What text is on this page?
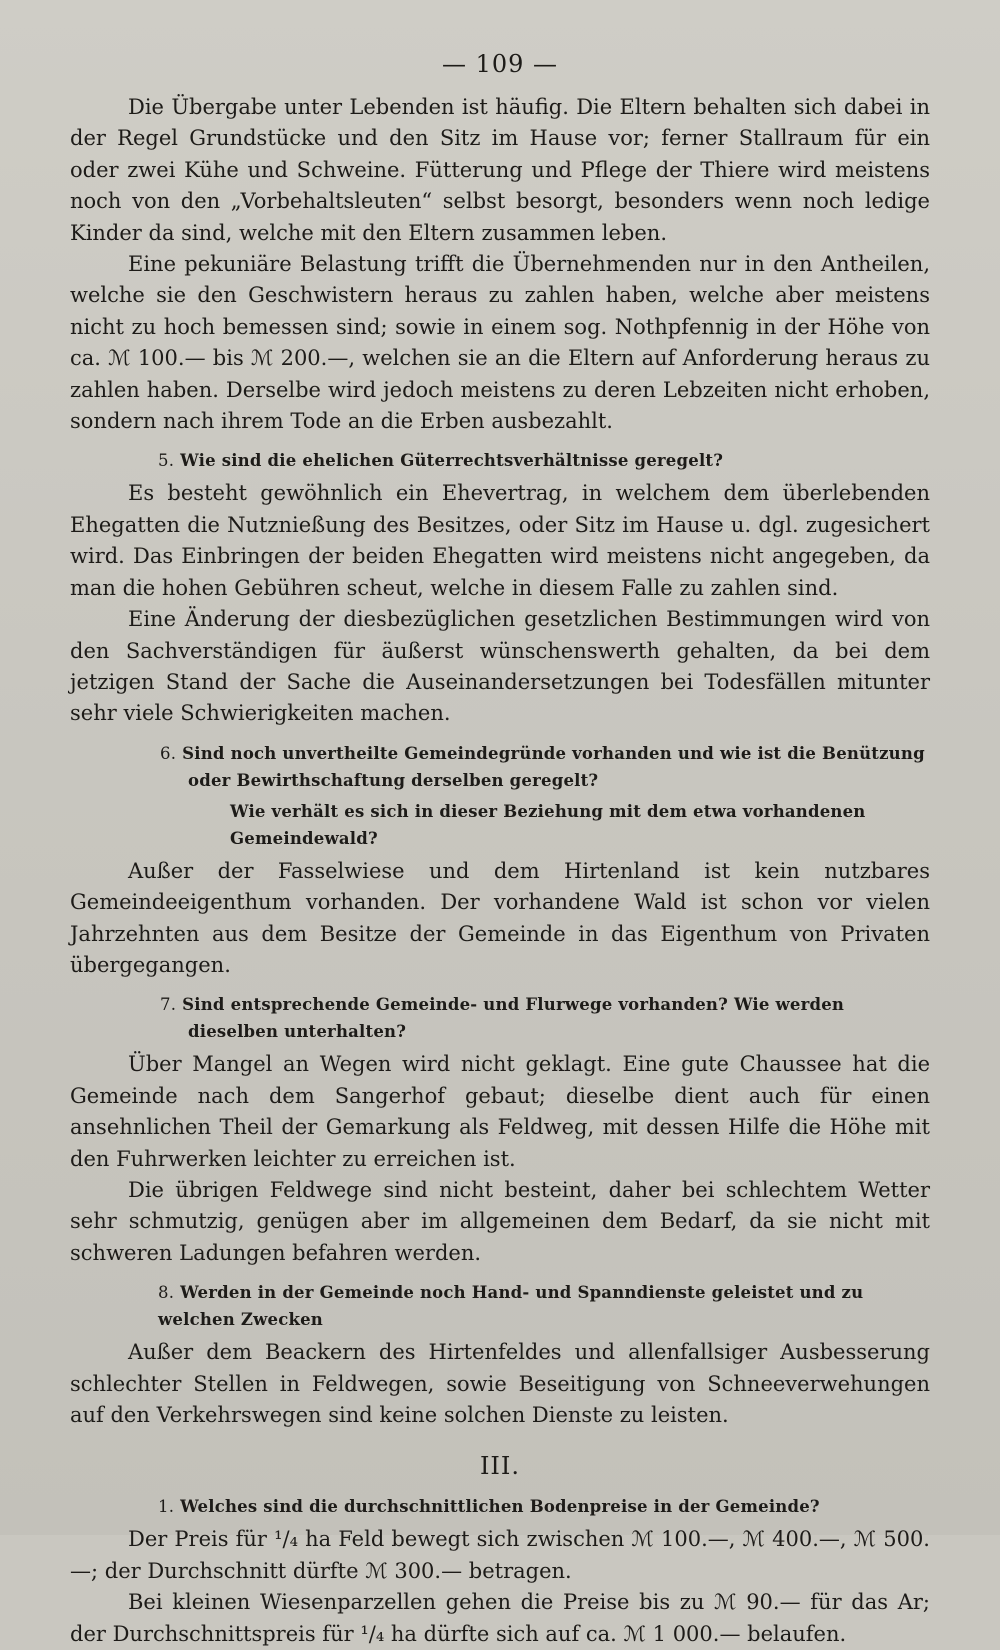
— 109 —

Die Übergabe unter Lebenden ist häufig. Die Eltern behalten sich dabei in der Regel Grundstücke und den Sitz im Hause vor; ferner Stallraum für ein oder zwei Kühe und Schweine. Fütterung und Pflege der Thiere wird meistens noch von den „Vorbehaltsleuten“ selbst besorgt, besonders wenn noch ledige Kinder da sind, welche mit den Eltern zusammen leben.

Eine pekuniäre Belastung trifft die Übernehmenden nur in den Antheilen, welche sie den Geschwistern heraus zu zahlen haben, welche aber meistens nicht zu hoch bemessen sind; sowie in einem sog. Nothpfennig in der Höhe von ca. ℳ 100.— bis ℳ 200.—, welchen sie an die Eltern auf Anforderung heraus zu zahlen haben. Derselbe wird jedoch meistens zu deren Lebzeiten nicht erhoben, sondern nach ihrem Tode an die Erben ausbezahlt.

5. Wie sind die ehelichen Güterrechtsverhältnisse geregelt?

Es besteht gewöhnlich ein Ehevertrag, in welchem dem überlebenden Ehegatten die Nutznießung des Besitzes, oder Sitz im Hause u. dgl. zugesichert wird. Das Einbringen der beiden Ehegatten wird meistens nicht angegeben, da man die hohen Gebühren scheut, welche in diesem Falle zu zahlen sind.

Eine Änderung der diesbezüglichen gesetzlichen Bestimmungen wird von den Sachverständigen für äußerst wünschenswerth gehalten, da bei dem jetzigen Stand der Sache die Auseinandersetzungen bei Todesfällen mitunter sehr viele Schwierigkeiten machen.

6. Sind noch unvertheilte Gemeindegründe vorhanden und wie ist die Benützung oder Bewirthschaftung derselben geregelt?

Wie verhält es sich in dieser Beziehung mit dem etwa vorhandenen Gemeindewald?

Außer der Fasselwiese und dem Hirtenland ist kein nutzbares Gemeindeeigenthum vorhanden. Der vorhandene Wald ist schon vor vielen Jahrzehnten aus dem Besitze der Gemeinde in das Eigenthum von Privaten übergegangen.

7. Sind entsprechende Gemeinde- und Flurwege vorhanden? Wie werden dieselben unterhalten?

Über Mangel an Wegen wird nicht geklagt. Eine gute Chaussee hat die Gemeinde nach dem Sangerhof gebaut; dieselbe dient auch für einen ansehnlichen Theil der Gemarkung als Feldweg, mit dessen Hilfe die Höhe mit den Fuhrwerken leichter zu erreichen ist.

Die übrigen Feldwege sind nicht besteint, daher bei schlechtem Wetter sehr schmutzig, genügen aber im allgemeinen dem Bedarf, da sie nicht mit schweren Ladungen befahren werden.

8. Werden in der Gemeinde noch Hand- und Spanndienste geleistet und zu welchen Zwecken

Außer dem Beackern des Hirtenfeldes und allenfallsiger Ausbesserung schlechter Stellen in Feldwegen, sowie Beseitigung von Schneeverwehungen auf den Verkehrswegen sind keine solchen Dienste zu leisten.

III.

1. Welches sind die durchschnittlichen Bodenpreise in der Gemeinde?

Der Preis für ¹/₄ ha Feld bewegt sich zwischen ℳ 100.—, ℳ 400.—, ℳ 500.—; der Durchschnitt dürfte ℳ 300.— betragen.

Bei kleinen Wiesenparzellen gehen die Preise bis zu ℳ 90.— für das Ar; der Durchschnittspreis für ¹/₄ ha dürfte sich auf ca. ℳ 1 000.— belaufen.
